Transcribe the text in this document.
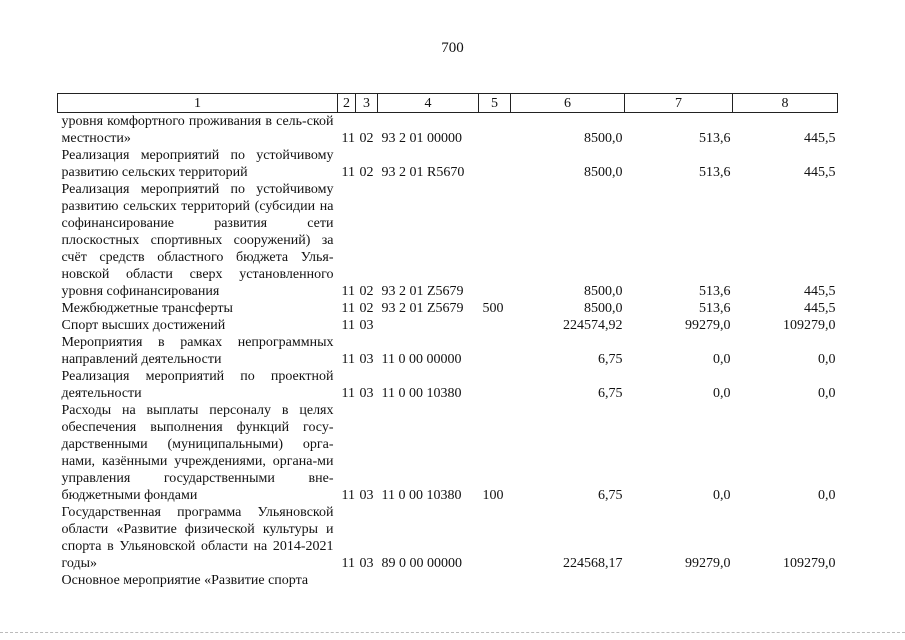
700
1	2	3	4	5	6	7	8
уровня комфортного проживания в сель-ской местности»	11	02	93 2 01 00000		8500,0	513,6	445,5
Реализация мероприятий по устойчивому развитию сельских территорий	11	02	93 2 01 R5670		8500,0	513,6	445,5
Реализация мероприятий по устойчивому развитию сельских территорий (субсидии на софинансирование развития сети плоскостных спортивных сооружений) за счёт средств областного бюджета Улья-новской области сверх установленного уровня софинансирования	11	02	93 2 01 Z5679		8500,0	513,6	445,5
Межбюджетные трансферты	11	02	93 2 01 Z5679	500	8500,0	513,6	445,5
Спорт высших достижений	11	03			224574,92	99279,0	109279,0
Мероприятия в рамках непрограммных направлений деятельности	11	03	11 0 00 00000		6,75	0,0	0,0
Реализация мероприятий по проектной деятельности	11	03	11 0 00 10380		6,75	0,0	0,0
Расходы на выплаты персоналу в целях обеспечения выполнения функций госу-дарственными (муниципальными) орга-нами, казёнными учреждениями, органа-ми управления государственными вне-бюджетными фондами	11	03	11 0 00 10380	100	6,75	0,0	0,0
Государственная программа Ульяновской области «Развитие физической культуры и спорта в Ульяновской области на 2014-2021 годы»	11	03	89 0 00 00000		224568,17	99279,0	109279,0
Основное мероприятие «Развитие спорта							
